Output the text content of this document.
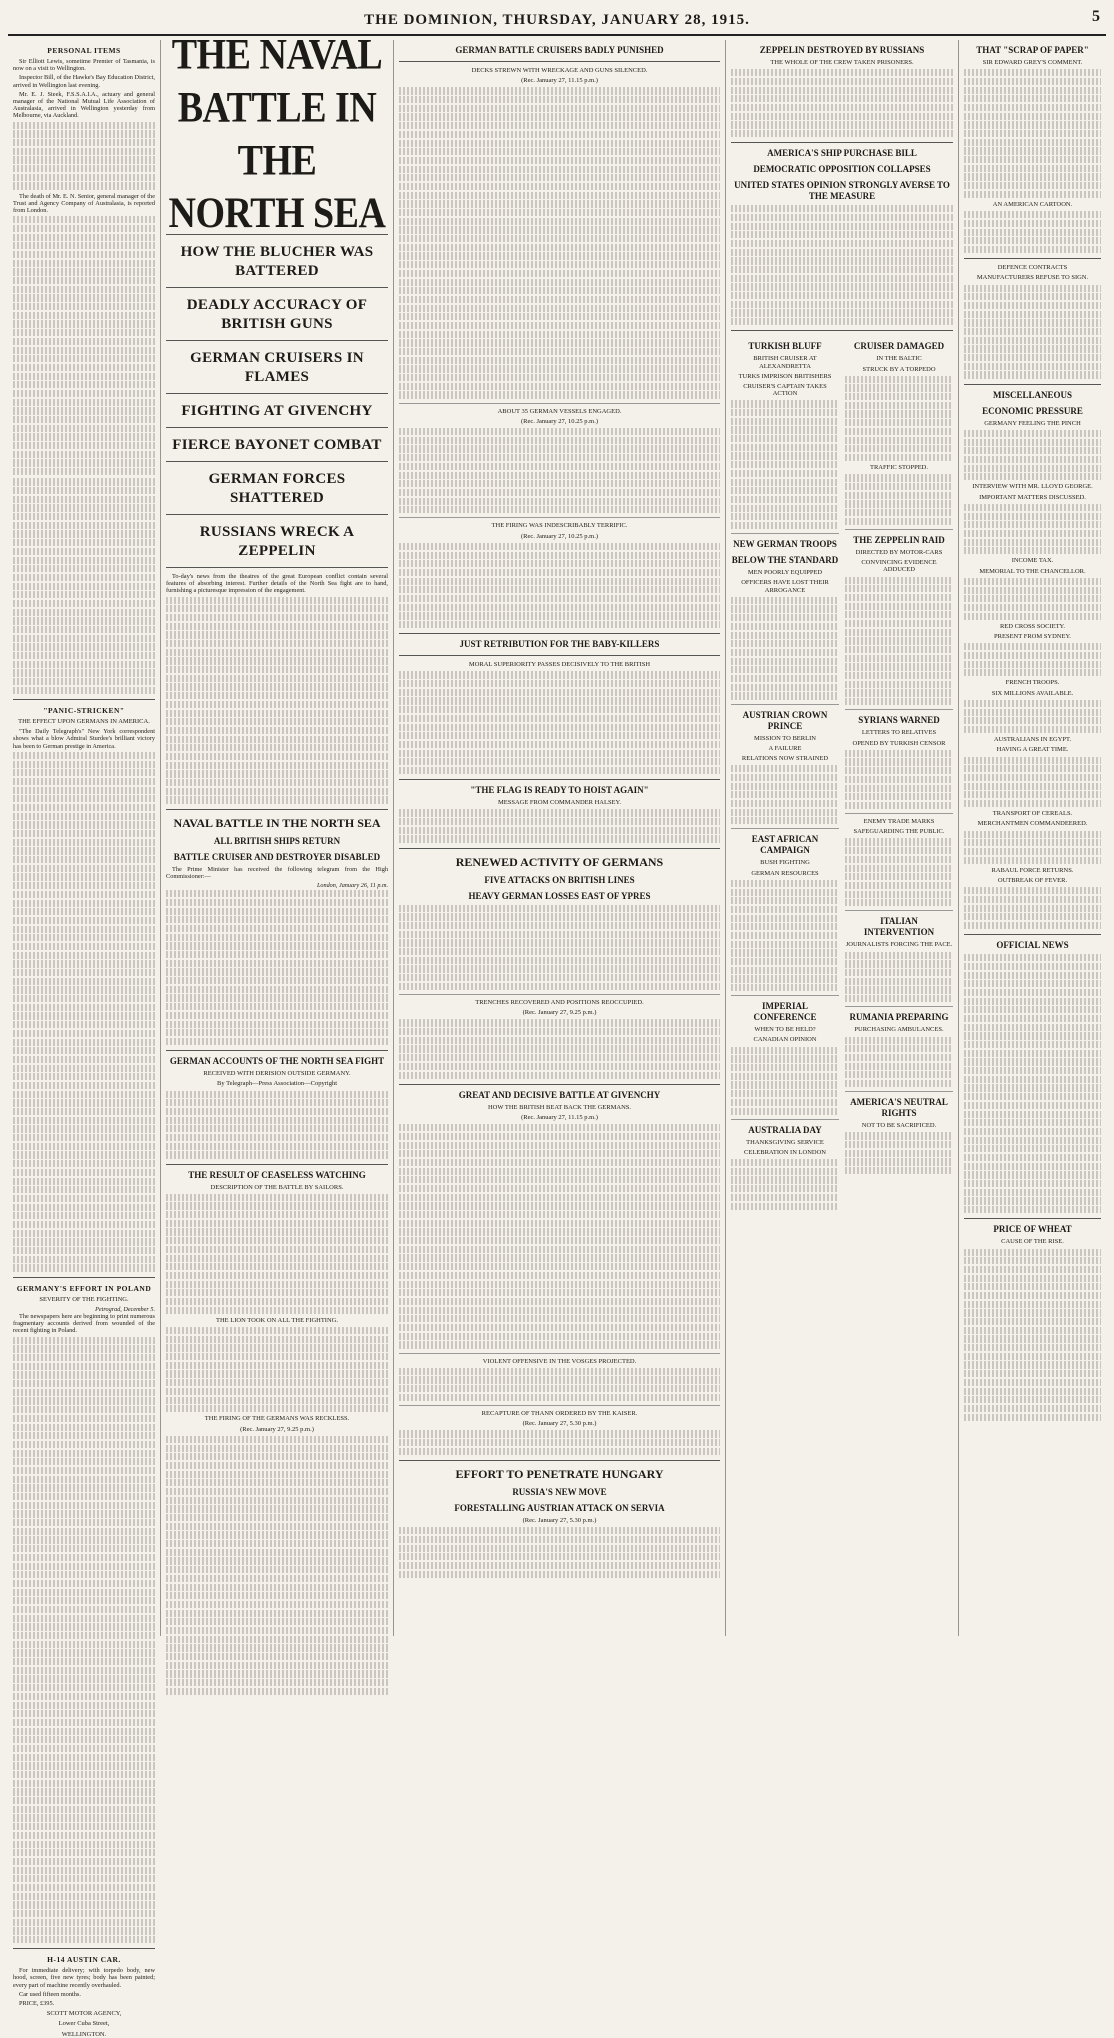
THE DOMINION, THURSDAY, JANUARY 28, 1915.	5
PERSONAL ITEMS

Sir Elliott Lewis, sometime Premier of Tasmania, is now on a visit to Wellington.

Inspector Bill, of the Hawke's Bay Education District, arrived in Wellington last evening.

Mr. E. J. Steek, F.S.S.A.I.A., actuary and general manager of the National Mutual Life Association of Australasia, arrived in Wellington yesterday from Melbourne, via Auckland.

The death of Mr. E. N. Senior, general manager of the Trust and Agency Company of Australasia, is reported from London.

"PANIC-STRICKEN"
THE EFFECT UPON GERMANS IN AMERICA.

"The Daily Telegraph's" New York correspondent shows what a blow Admiral Sturdee's brilliant victory has been to German prestige in America.

GERMANY'S EFFORT IN POLAND
SEVERITY OF THE FIGHTING.
Petrograd, December 5.

The newspapers here are beginning to print numerous fragmentary accounts derived from wounded of the recent fighting in Poland.

H-14 AUSTIN CAR.

For immediate delivery; with torpedo body, new hood, screen, five new tyres; body has been painted; every part of machine recently overhauled.

Car used fifteen months.

PRICE, £395.

SCOTT MOTOR AGENCY,
Lower Cuba Street,
WELLINGTON.
THE NAVAL BATTLE IN
THE NORTH SEA
HOW THE BLUCHER WAS BATTERED
DEADLY ACCURACY OF BRITISH GUNS
GERMAN CRUISERS IN FLAMES
FIGHTING AT GIVENCHY
FIERCE BAYONET COMBAT
GERMAN FORCES SHATTERED
RUSSIANS WRECK A ZEPPELIN

To-day's news from the theatres of the great European conflict contain several features of absorbing interest. Further details of the North Sea fight are to hand, furnishing a picturesque impression of the engagement.

NAVAL BATTLE IN THE NORTH SEA
ALL BRITISH SHIPS RETURN
BATTLE CRUISER AND DESTROYER DISABLED

The Prime Minister has received the following telegram from the High Commissioner:—

London, January 26, 11 p.m.
GERMAN ACCOUNTS OF THE NORTH SEA FIGHT
RECEIVED WITH DERISION OUTSIDE GERMANY.
By Telegraph—Press Association—Copyright
THE RESULT OF CEASELESS WATCHING
DESCRIPTION OF THE BATTLE BY SAILORS.
THE LION TOOK ON ALL THE FIGHTING.
THE FIRING OF THE GERMANS WAS RECKLESS.
(Rec. January 27, 9.25 p.m.)
GERMAN BATTLE CRUISERS BADLY PUNISHED
DECKS STREWN WITH WRECKAGE AND GUNS SILENCED.
(Rec. January 27, 11.15 p.m.)
ABOUT 35 GERMAN VESSELS ENGAGED.
(Rec. January 27, 10.25 p.m.)
THE FIRING WAS INDESCRIBABLY TERRIFIC.
(Rec. January 27, 10.25 p.m.)
JUST RETRIBUTION FOR THE BABY-KILLERS
MORAL SUPERIORITY PASSES DECISIVELY TO THE BRITISH
"THE FLAG IS READY TO HOIST AGAIN"
MESSAGE FROM COMMANDER HALSEY.
RENEWED ACTIVITY OF GERMANS
FIVE ATTACKS ON BRITISH LINES
HEAVY GERMAN LOSSES EAST OF YPRES
TRENCHES RECOVERED AND POSITIONS REOCCUPIED.
(Rec. January 27, 9.25 p.m.)
GREAT AND DECISIVE BATTLE AT GIVENCHY
HOW THE BRITISH BEAT BACK THE GERMANS.
(Rec. January 27, 11.15 p.m.)
VIOLENT OFFENSIVE IN THE VOSGES PROJECTED.
RECAPTURE OF THANN ORDERED BY THE KAISER.
(Rec. January 27, 5.30 p.m.)
EFFORT TO PENETRATE HUNGARY
RUSSIA'S NEW MOVE
FORESTALLING AUSTRIAN ATTACK ON SERVIA
(Rec. January 27, 5.30 p.m.)
ZEPPELIN DESTROYED BY RUSSIANS
THE WHOLE OF THE CREW TAKEN PRISONERS.
AMERICA'S SHIP PURCHASE BILL
DEMOCRATIC OPPOSITION COLLAPSES
UNITED STATES OPINION STRONGLY AVERSE TO THE MEASURE
TURKISH BLUFF
BRITISH CRUISER AT ALEXANDRETTA
TURKS IMPRISON BRITISHERS
CRUISER'S CAPTAIN TAKES ACTION
NEW GERMAN TROOPS
BELOW THE STANDARD
MEN POORLY EQUIPPED
OFFICERS HAVE LOST THEIR ARROGANCE
AUSTRIAN CROWN PRINCE
MISSION TO BERLIN
A FAILURE
RELATIONS NOW STRAINED
EAST AFRICAN CAMPAIGN
BUSH FIGHTING
GERMAN RESOURCES
IMPERIAL CONFERENCE
WHEN TO BE HELD?
CANADIAN OPINION
AUSTRALIA DAY
THANKSGIVING SERVICE
CELEBRATION IN LONDON
CRUISER DAMAGED
IN THE BALTIC
STRUCK BY A TORPEDO
TRAFFIC STOPPED.
THE ZEPPELIN RAID
DIRECTED BY MOTOR-CARS
CONVINCING EVIDENCE ADDUCED
SYRIANS WARNED
LETTERS TO RELATIVES
OPENED BY TURKISH CENSOR
ENEMY TRADE MARKS
SAFEGUARDING THE PUBLIC.
ITALIAN INTERVENTION
JOURNALISTS FORCING THE PACE.
RUMANIA PREPARING
PURCHASING AMBULANCES.
AMERICA'S NEUTRAL RIGHTS
NOT TO BE SACRIFICED.
THAT "SCRAP OF PAPER"
SIR EDWARD GREY'S COMMENT.
AN AMERICAN CARTOON.
DEFENCE CONTRACTS
MANUFACTURERS REFUSE TO SIGN.
MISCELLANEOUS
ECONOMIC PRESSURE
GERMANY FEELING THE PINCH
INTERVIEW WITH MR. LLOYD GEORGE.
IMPORTANT MATTERS DISCUSSED.
INCOME TAX.
MEMORIAL TO THE CHANCELLOR.
RED CROSS SOCIETY.
PRESENT FROM SYDNEY.
FRENCH TROOPS.
SIX MILLIONS AVAILABLE.
AUSTRALIANS IN EGYPT.
HAVING A GREAT TIME.
TRANSPORT OF CEREALS.
MERCHANTMEN COMMANDEERED.
RABAUL FORCE RETURNS.
OUTBREAK OF FEVER.
OFFICIAL NEWS
PRICE OF WHEAT
CAUSE OF THE RISE.
